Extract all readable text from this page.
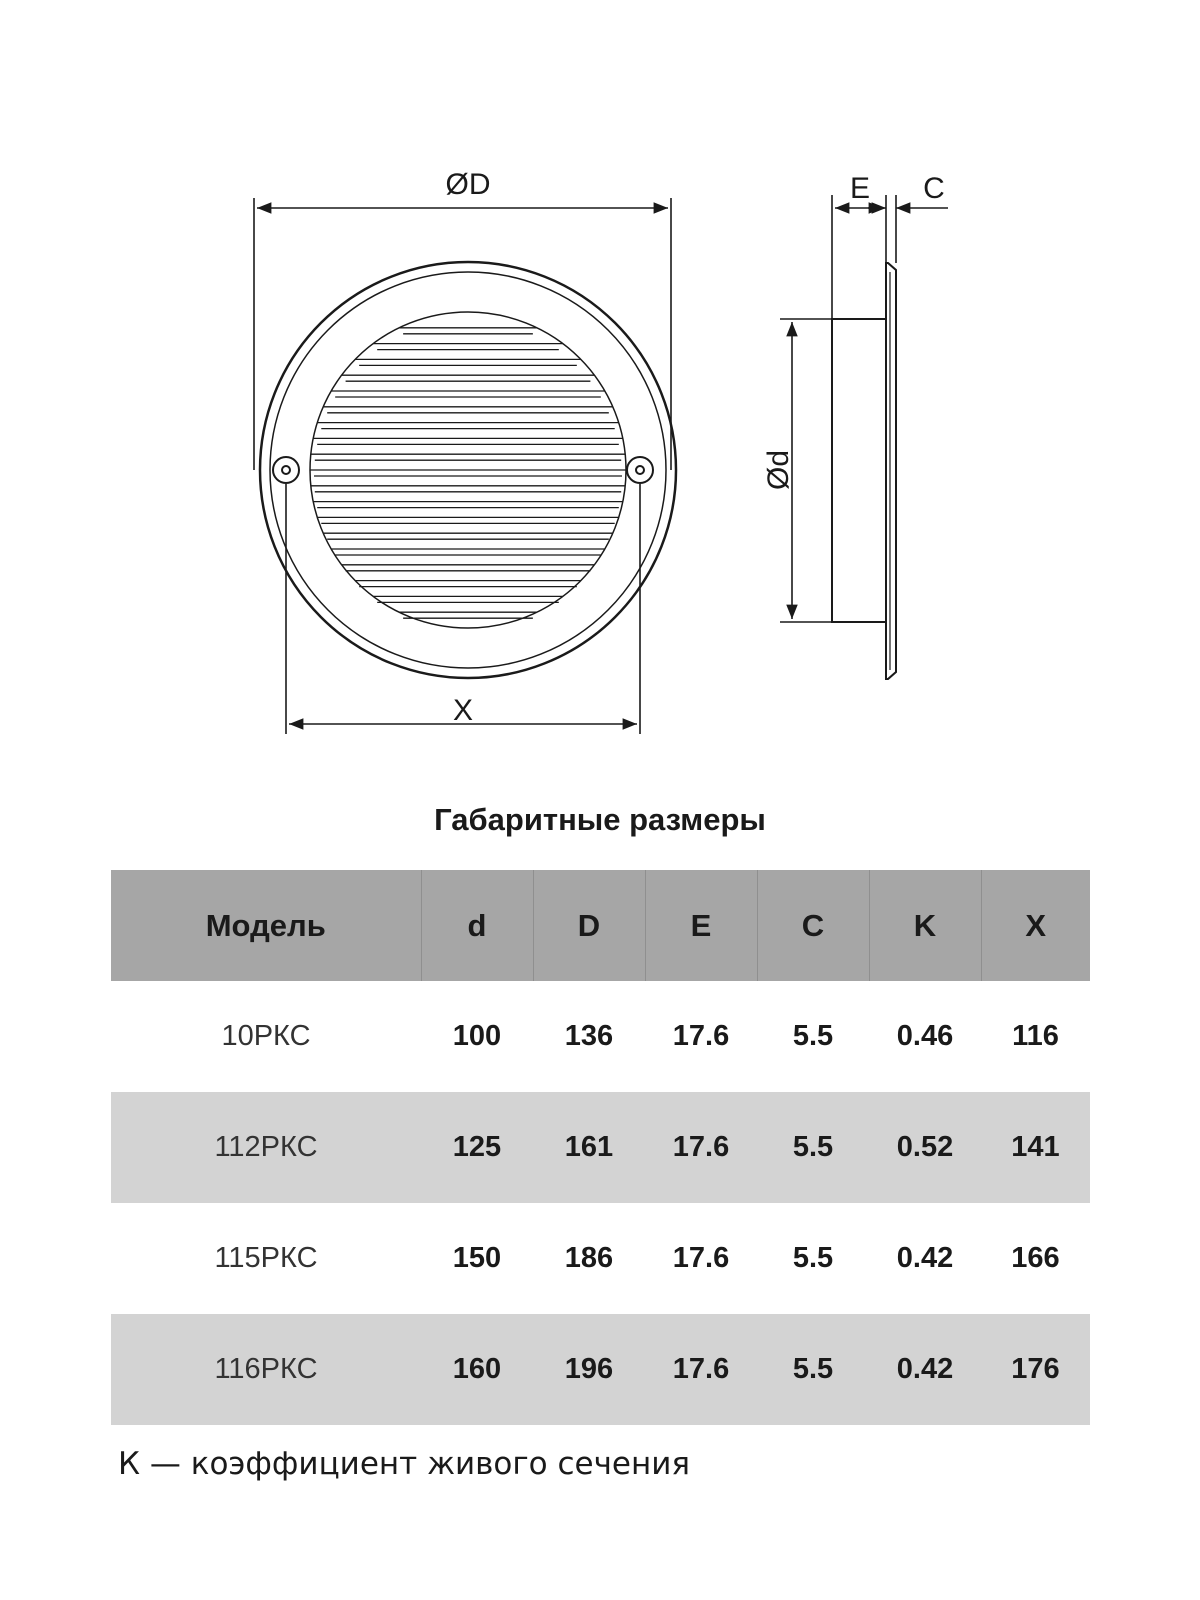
ØD
X
Ød
E C
Габаритные размеры
Модель	d	D	E	C	K	X
10РКС	100	136	17.6	5.5	0.46	116
112РКС	125	161	17.6	5.5	0.52	141
115РКС	150	186	17.6	5.5	0.42	166
116РКС	160	196	17.6	5.5	0.42	176

К — коэффициент живого сечения
